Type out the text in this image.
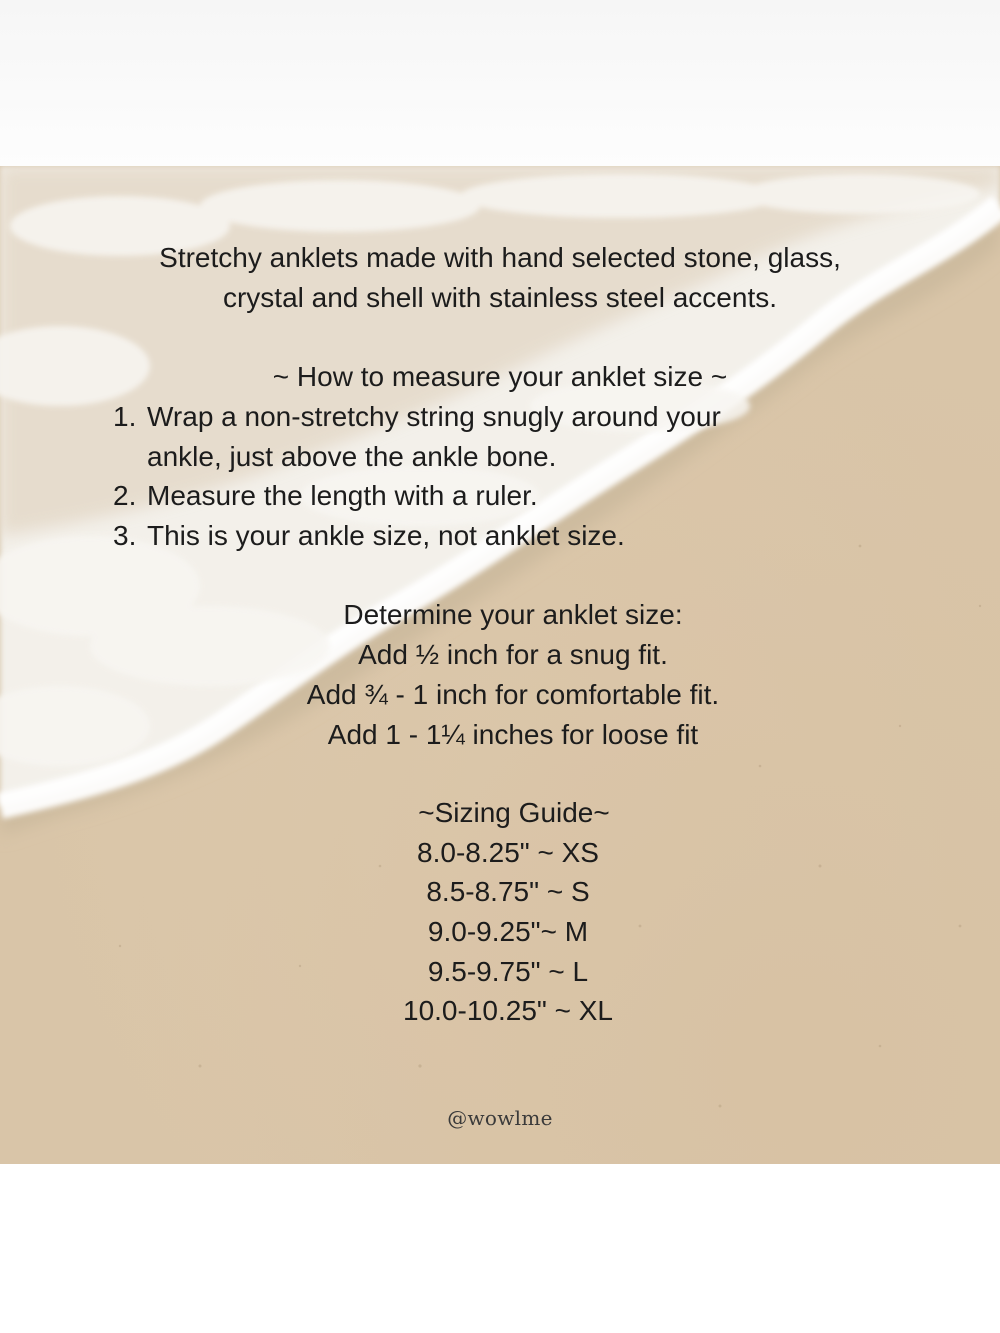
Stretchy anklets made with hand selected stone, glass,
crystal and shell with stainless steel accents.
~ How to measure your anklet size ~
1. Wrap a non-stretchy string snugly around your
ankle, just above the ankle bone.
2. Measure the length with a ruler.
3. This is your ankle size, not anklet size.
Determine your anklet size:
Add ½ inch for a snug fit.
Add ¾ - 1 inch for comfortable fit.
Add 1 - 1¼ inches for loose fit
~Sizing Guide~
8.0-8.25" ~ XS
8.5-8.75" ~ S
9.0-9.25"~ M
9.5-9.75" ~ L
10.0-10.25" ~ XL
@wowlme
